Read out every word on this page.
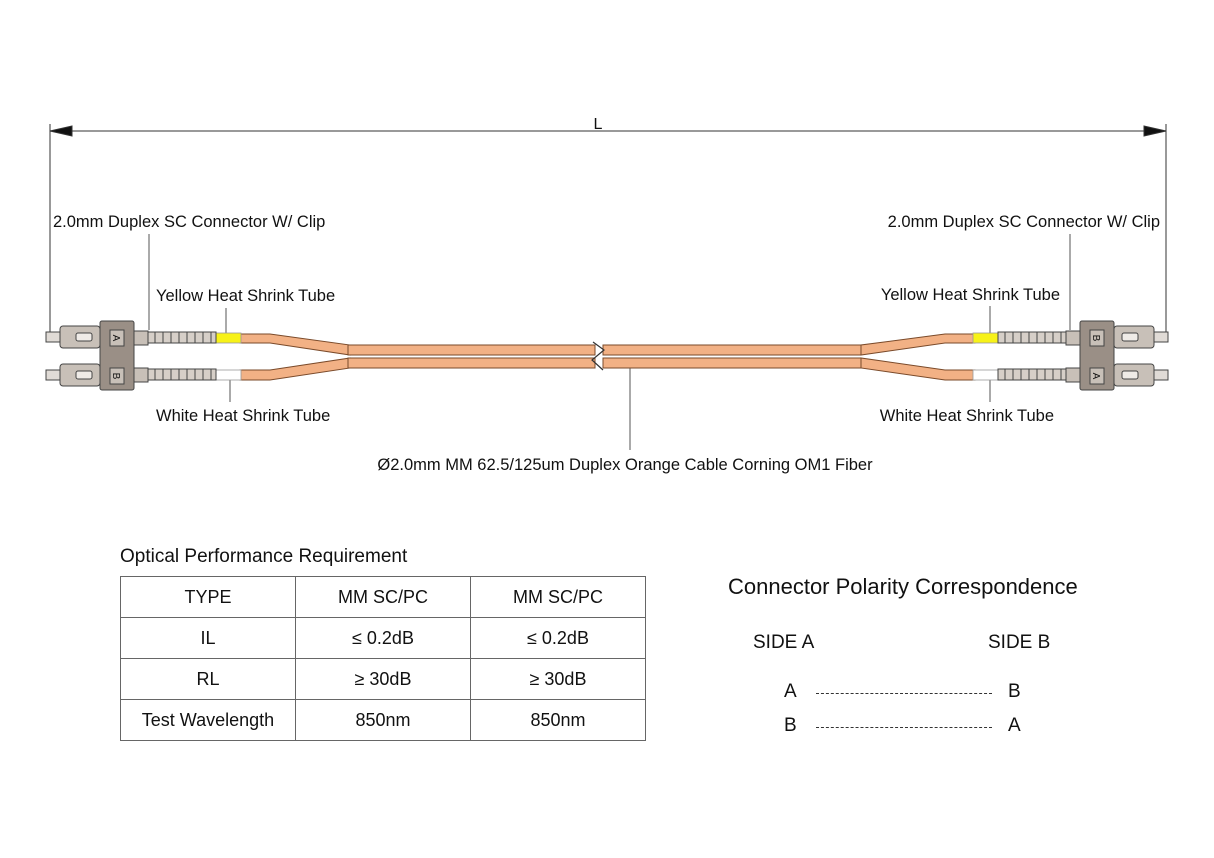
L
2.0mm Duplex SC Connector W/ Clip	2.0mm Duplex SC Connector W/ Clip
Yellow Heat Shrink Tube	Yellow Heat Shrink Tube
White Heat Shrink Tube	White Heat Shrink Tube
Ø2.0mm MM 62.5/125um Duplex Orange Cable Corning OM1 Fiber
A
B
B
A
Optical Performance Requirement
TYPE	MM SC/PC	MM SC/PC
IL	≤ 0.2dB	≤ 0.2dB
RL	≥ 30dB	≥ 30dB
Test Wavelength	850nm	850nm
Connector Polarity Correspondence
SIDE A	SIDE B
A	B
B	A
